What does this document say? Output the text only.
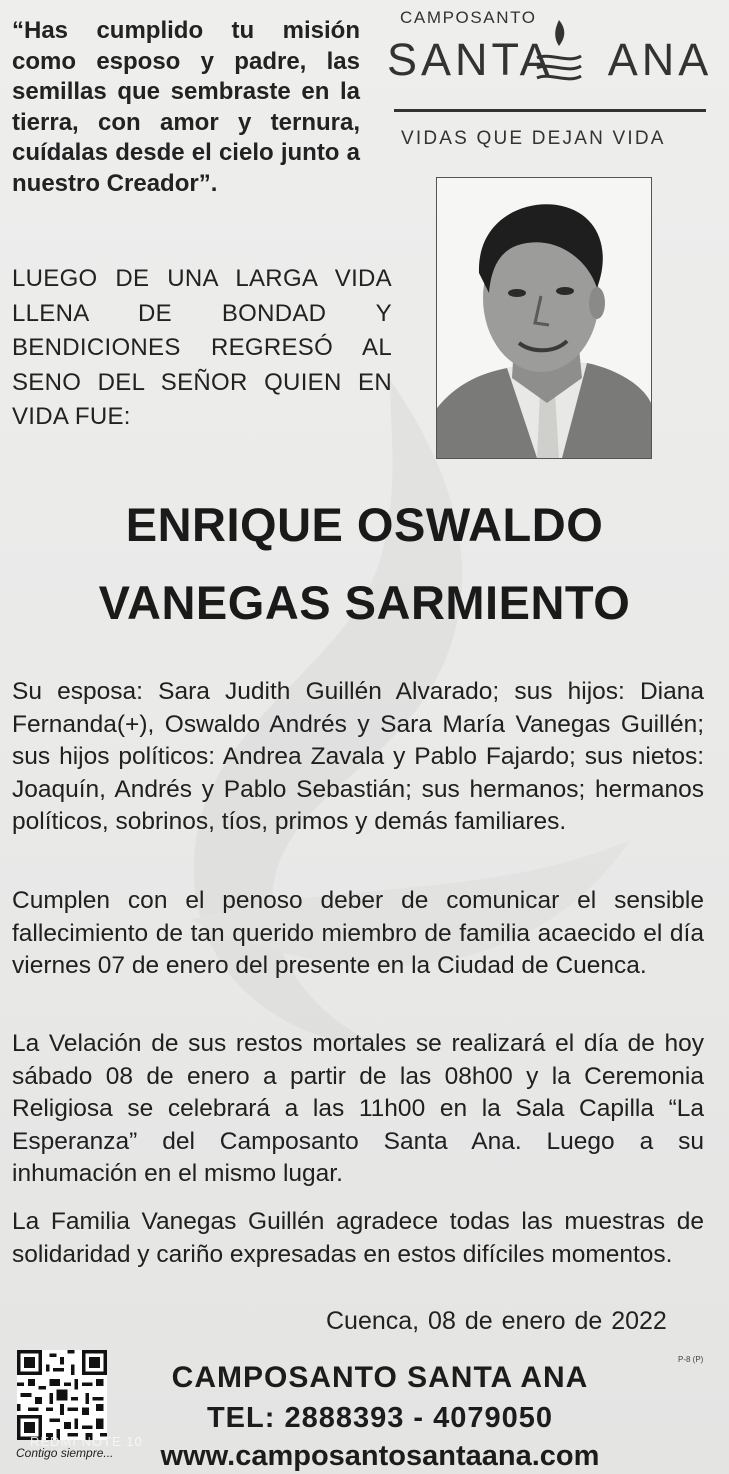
“Has cumplido tu misión como esposo y padre, las semillas que sembraste en la tierra, con amor y ternura, cuídalas desde el cielo junto a nuestro Creador”.
LUEGO DE UNA LARGA VIDA LLENA DE BONDAD Y BENDICIONES REGRESÓ AL SENO DEL SEÑOR QUIEN EN VIDA FUE:
CAMPOSANTO
SANTA ANA
VIDAS QUE DEJAN VIDA
ENRIQUE OSWALDO
VANEGAS SARMIENTO
Su esposa: Sara Judith Guillén Alvarado; sus hijos: Diana Fernanda(+), Oswaldo Andrés y Sara María Vanegas Guillén; sus hijos políticos: Andrea Zavala y Pablo Fajardo; sus nietos: Joaquín, Andrés y Pablo Sebastián; sus hermanos; hermanos políticos, sobrinos, tíos, primos y demás familiares.
Cumplen con el penoso deber de comunicar el sensible fallecimiento de tan querido miembro de familia acaecido el día viernes 07 de enero del presente en la Ciudad de Cuenca.
La Velación de sus restos mortales se realizará el día de hoy sábado 08 de enero a partir de las 08h00 y la Ceremonia Religiosa se celebrará a las 11h00 en la Sala Capilla “La Esperanza” del Camposanto Santa Ana. Luego a su inhumación en el mismo lugar.
La Familia Vanegas Guillén agradece todas las muestras de solidaridad y cariño expresadas en estos difíciles momentos.
Cuenca, 08 de enero de 2022
P-8 (P)
REDMI NOTE 10
Contigo siempre...
CAMPOSANTO SANTA ANA
TEL: 2888393 - 4079050
www.camposantosantaana.com
